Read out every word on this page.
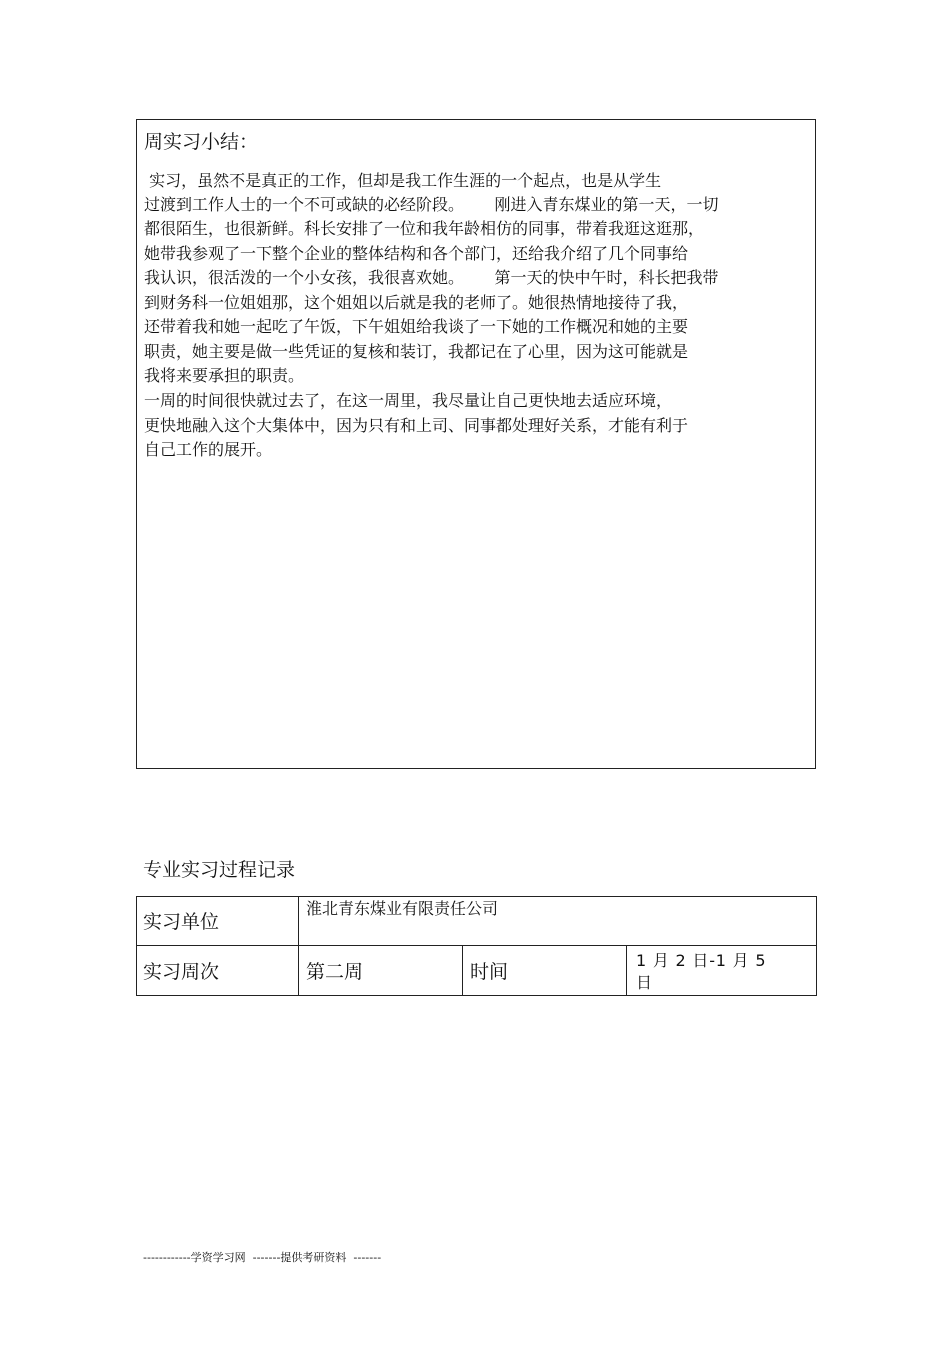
周实习小结：
实习，虽然不是真正的工作，但却是我工作生涯的一个起点，也是从学生
过渡到工作人士的一个不可或缺的必经阶段。      刚进入青东煤业的第一天，一切
都很陌生，也很新鲜。科长安排了一位和我年龄相仿的同事，带着我逛这逛那，
她带我参观了一下整个企业的整体结构和各个部门，还给我介绍了几个同事给
我认识，很活泼的一个小女孩，我很喜欢她。      第一天的快中午时，科长把我带
到财务科一位姐姐那，这个姐姐以后就是我的老师了。她很热情地接待了我，
还带着我和她一起吃了午饭，下午姐姐给我谈了一下她的工作概况和她的主要
职责，她主要是做一些凭证的复核和装订，我都记在了心里，因为这可能就是
我将来要承担的职责。
一周的时间很快就过去了，在这一周里，我尽量让自己更快地去适应环境，
更快地融入这个大集体中，因为只有和上司、同事都处理好关系，才能有利于
自己工作的展开。
专业实习过程记录
实习单位
淮北青东煤业有限责任公司
实习周次	第二周	时间
1 月 2 日-1 月 5 日
------------学资学习网  -------提供考研资料  -------
